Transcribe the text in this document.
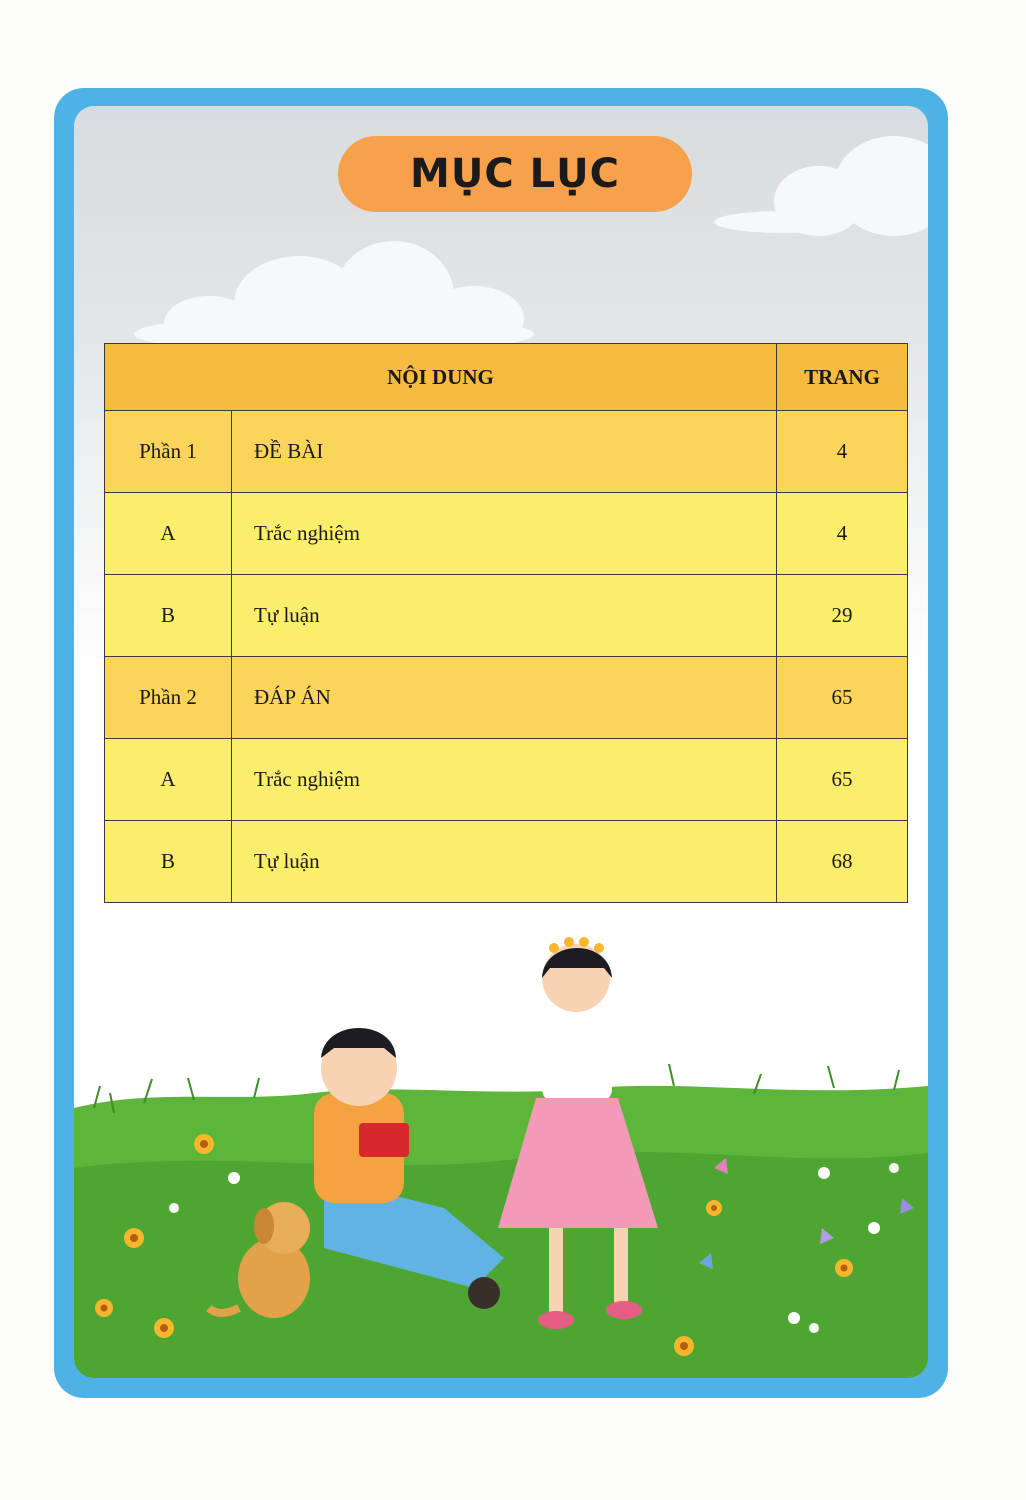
MỤC LỤC
NỘI DUNG		TRANG
Phần 1	ĐỀ BÀI	4
A	Trắc nghiệm	4
B	Tự luận	29
Phần 2	ĐÁP ÁN	65
A	Trắc nghiệm	65
B	Tự luận	68
